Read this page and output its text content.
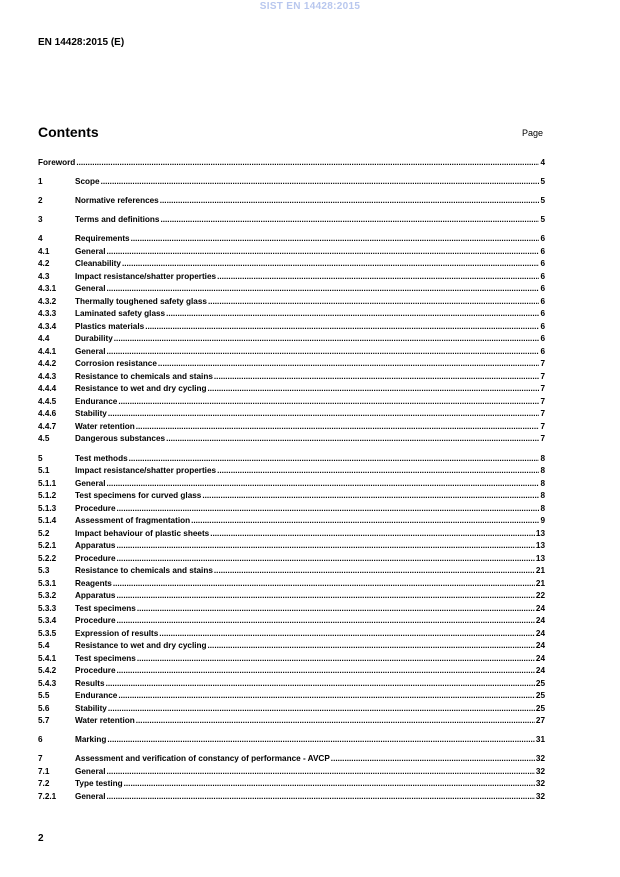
SIST EN 14428:2015
EN 14428:2015 (E)
Contents	Page
Foreword .....	4
1	Scope .....	5
2	Normative references .....	5
3	Terms and definitions .....	5
4	Requirements .....	6
4.1	General .....	6
4.2	Cleanability .....	6
4.3	Impact resistance/shatter properties .....	6
4.3.1	General .....	6
4.3.2	Thermally toughened safety glass .....	6
4.3.3	Laminated safety glass .....	6
4.3.4	Plastics materials .....	6
4.4	Durability .....	6
4.4.1	General .....	6
4.4.2	Corrosion resistance .....	7
4.4.3	Resistance to chemicals and stains .....	7
4.4.4	Resistance to wet and dry cycling .....	7
4.4.5	Endurance .....	7
4.4.6	Stability .....	7
4.4.7	Water retention .....	7
4.5	Dangerous substances .....	7
5	Test methods .....	8
5.1	Impact resistance/shatter properties .....	8
5.1.1	General .....	8
5.1.2	Test specimens for curved glass .....	8
5.1.3	Procedure .....	8
5.1.4	Assessment of fragmentation .....	9
5.2	Impact behaviour of plastic sheets .....	13
5.2.1	Apparatus .....	13
5.2.2	Procedure .....	13
5.3	Resistance to chemicals and stains .....	21
5.3.1	Reagents .....	21
5.3.2	Apparatus .....	22
5.3.3	Test specimens .....	24
5.3.4	Procedure .....	24
5.3.5	Expression of results .....	24
5.4	Resistance to wet and dry cycling .....	24
5.4.1	Test specimens .....	24
5.4.2	Procedure .....	24
5.4.3	Results .....	25
5.5	Endurance .....	25
5.6	Stability .....	25
5.7	Water retention .....	27
6	Marking .....	31
7	Assessment and verification of constancy of performance - AVCP .....	32
7.1	General .....	32
7.2	Type testing .....	32
7.2.1	General .....	32
2
